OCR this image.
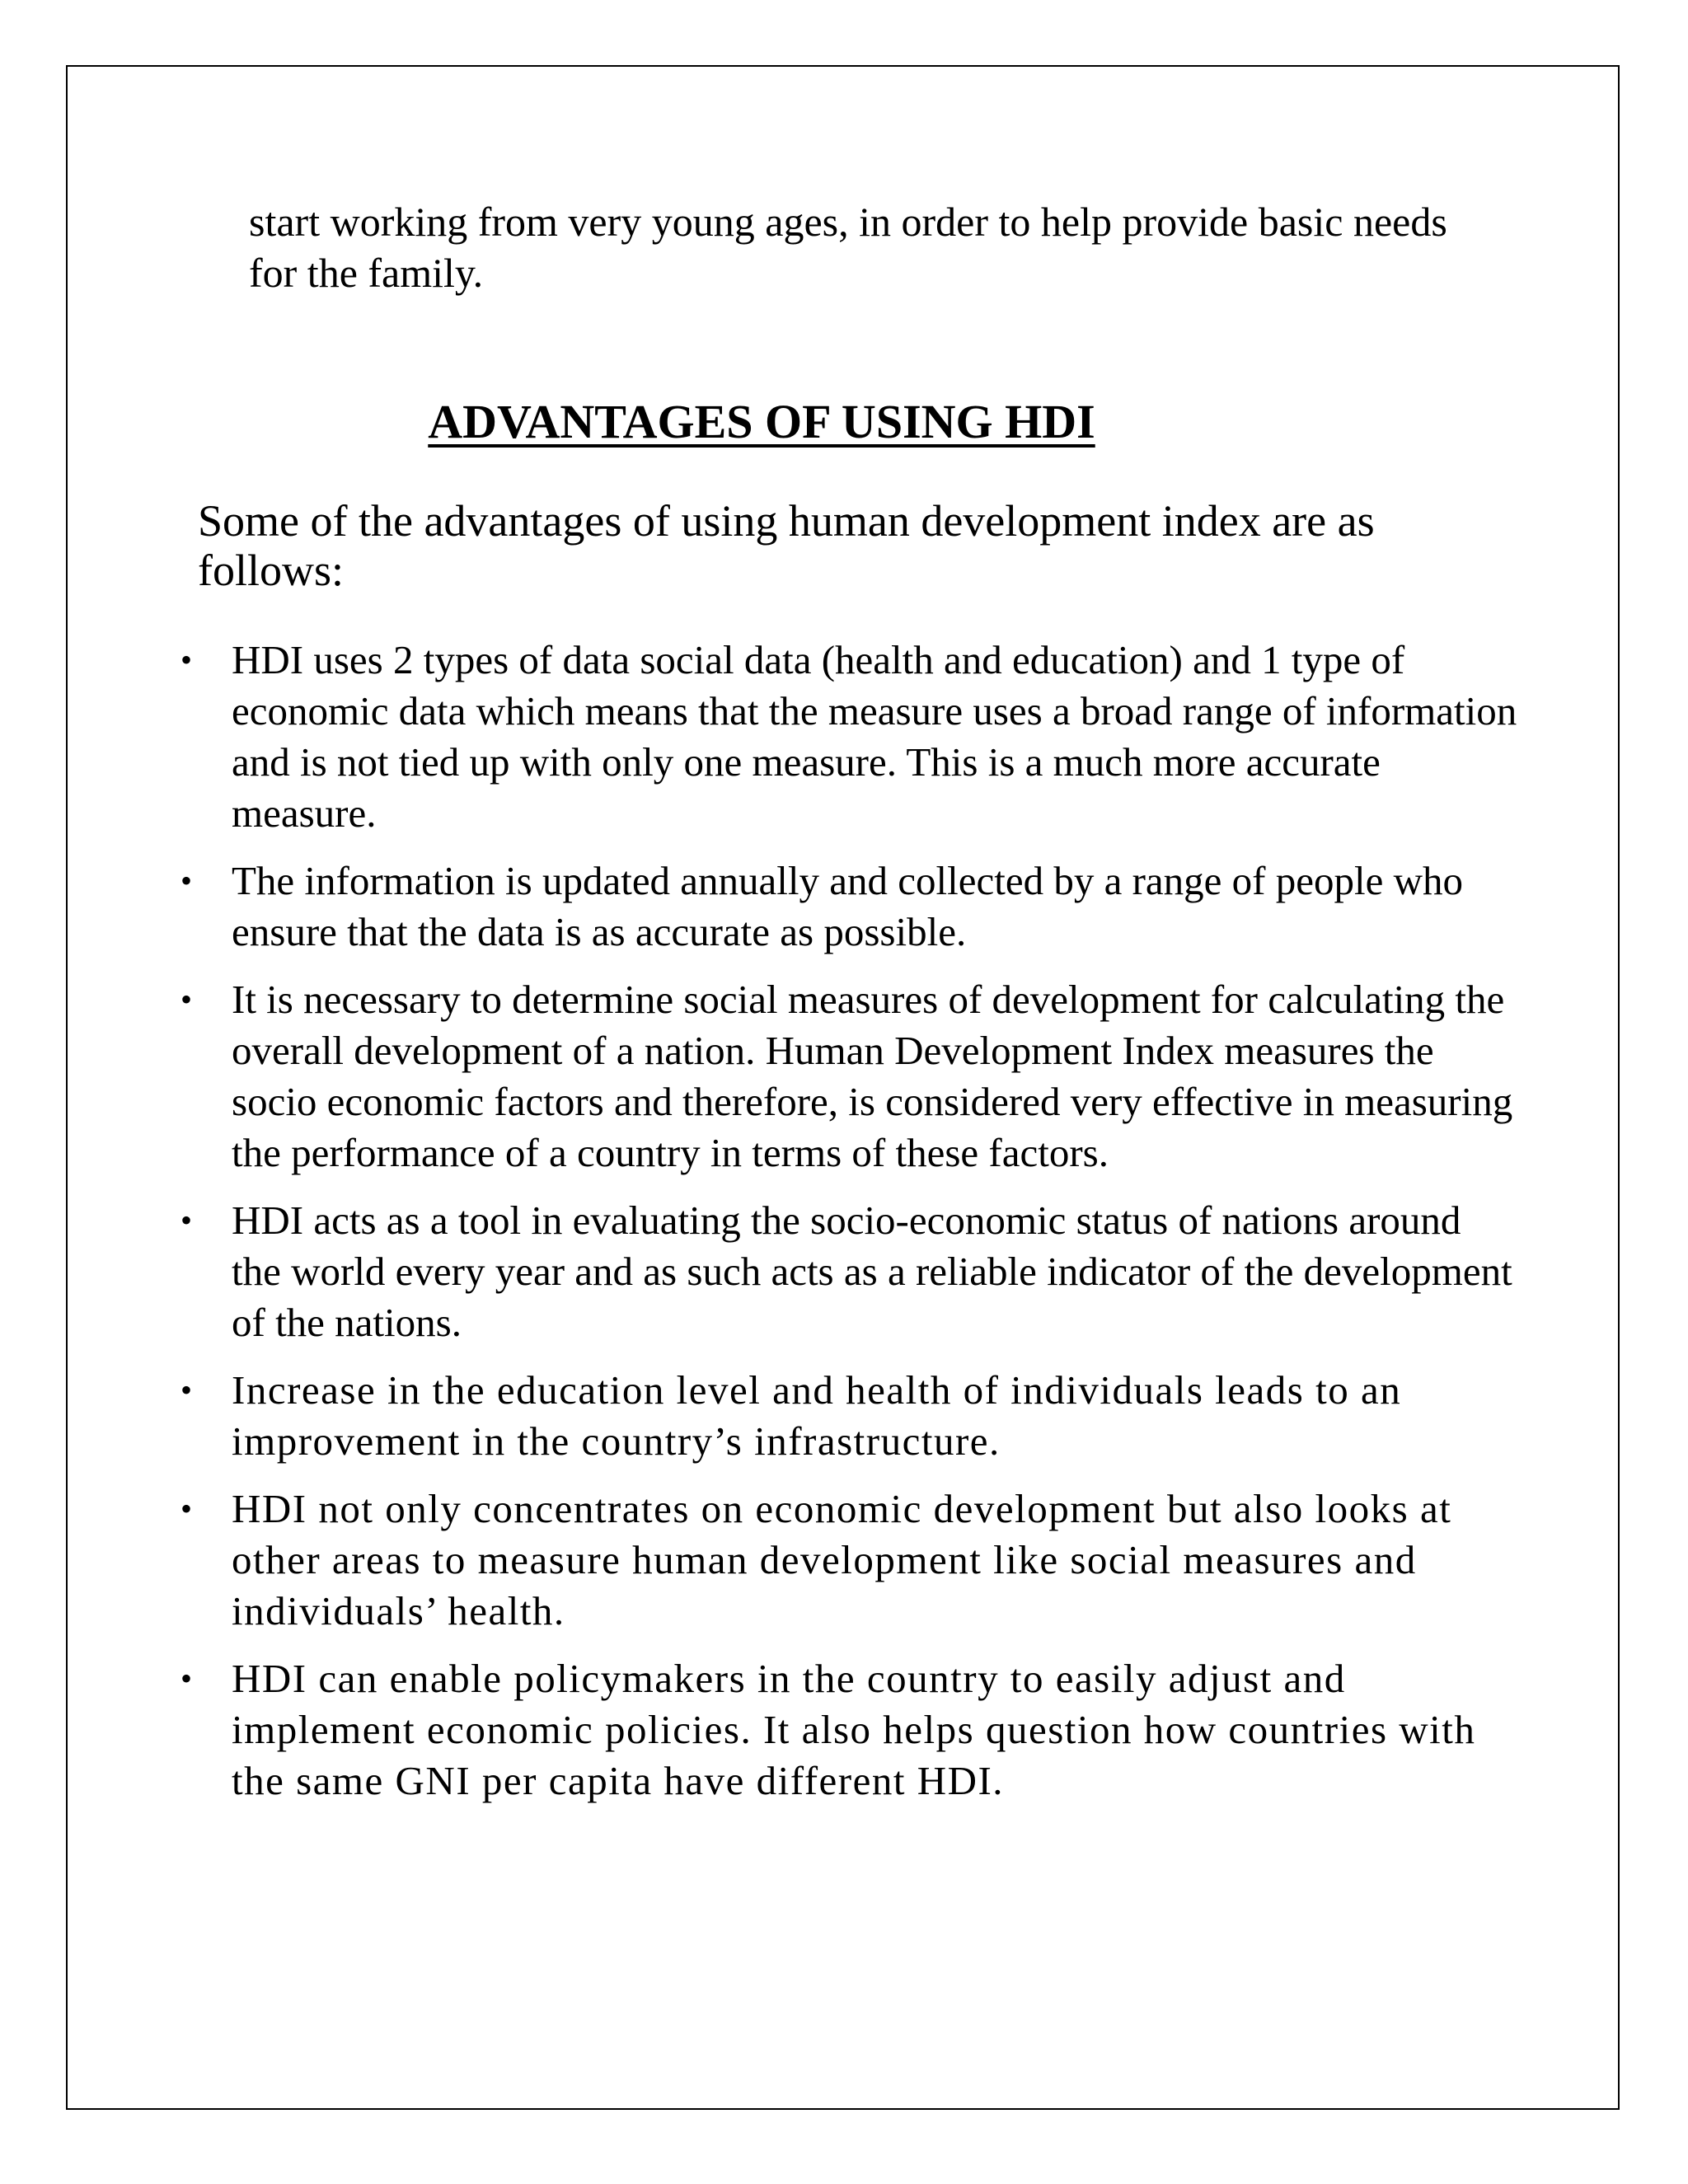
start working from very young ages, in order to help provide basic needs for the family.

ADVANTAGES OF USING HDI

Some of the advantages of using human development index are as follows:

• HDI uses 2 types of data social data (health and education) and 1 type of economic data which means that the measure uses a broad range of information and is not tied up with only one measure. This is a much more accurate measure.
• The information is updated annually and collected by a range of people who ensure that the data is as accurate as possible.
• It is necessary to determine social measures of development for calculating the overall development of a nation. Human Development Index measures the socio economic factors and therefore, is considered very effective in measuring the performance of a country in terms of these factors.
• HDI acts as a tool in evaluating the socio-economic status of nations around the world every year and as such acts as a reliable indicator of the development of the nations.
• Increase in the education level and health of individuals leads to an improvement in the country’s infrastructure.
• HDI not only concentrates on economic development but also looks at other areas to measure human development like social measures and individuals’ health.
• HDI can enable policymakers in the country to easily adjust and implement economic policies. It also helps question how countries with the same GNI per capita have different HDI.
